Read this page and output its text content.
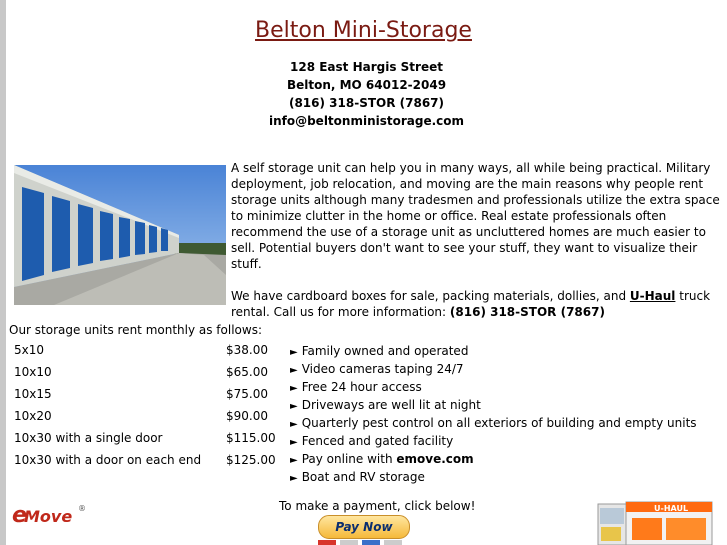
Belton Mini-Storage
128 East Hargis Street
Belton, MO 64012-2049
(816) 318-STOR (7867)
info@beltonministorage.com

A self storage unit can help you in many ways, all while being practical. Military deployment, job relocation, and moving are the main reasons why people rent storage units although many tradesmen and professionals utilize the extra space to minimize clutter in the home or office. Real estate professionals often recommend the use of a storage unit as uncluttered homes are much easier to sell. Potential buyers don't want to see your stuff, they want to visualize their stuff.

We have cardboard boxes for sale, packing materials, dollies, and U-Haul truck rental. Call us for more information: (816) 318-STOR (7867)

Our storage units rent monthly as follows:
5x10	$38.00
10x10	$65.00
10x15	$75.00
10x20	$90.00
10x30 with a single door	$115.00
10x30 with a door on each end $125.00
► Family owned and operated
► Video cameras taping 24/7
► Free 24 hour access
► Driveways are well lit at night
► Quarterly pest control on all exteriors of building and empty units
► Fenced and gated facility
► Pay online with emove.com
► Boat and RV storage
e
Move ®	To make a payment, click below!
Pay Now
U-HAUL
